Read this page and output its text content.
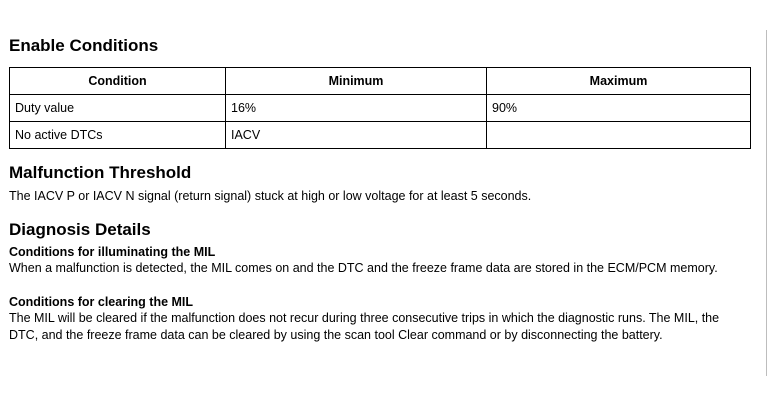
Enable Conditions
Condition	Minimum	Maximum
Duty value	16%	90%
No active DTCs	IACV	
Malfunction Threshold

The IACV P or IACV N signal (return signal) stuck at high or low voltage for at least 5 seconds.

Diagnosis Details
Conditions for illuminating the MIL

When a malfunction is detected, the MIL comes on and the DTC and the freeze frame data are stored in the ECM/PCM memory.

Conditions for clearing the MIL

The MIL will be cleared if the malfunction does not recur during three consecutive trips in which the diagnostic runs. The MIL, the DTC, and the freeze frame data can be cleared by using the scan tool Clear command or by disconnecting the battery.
